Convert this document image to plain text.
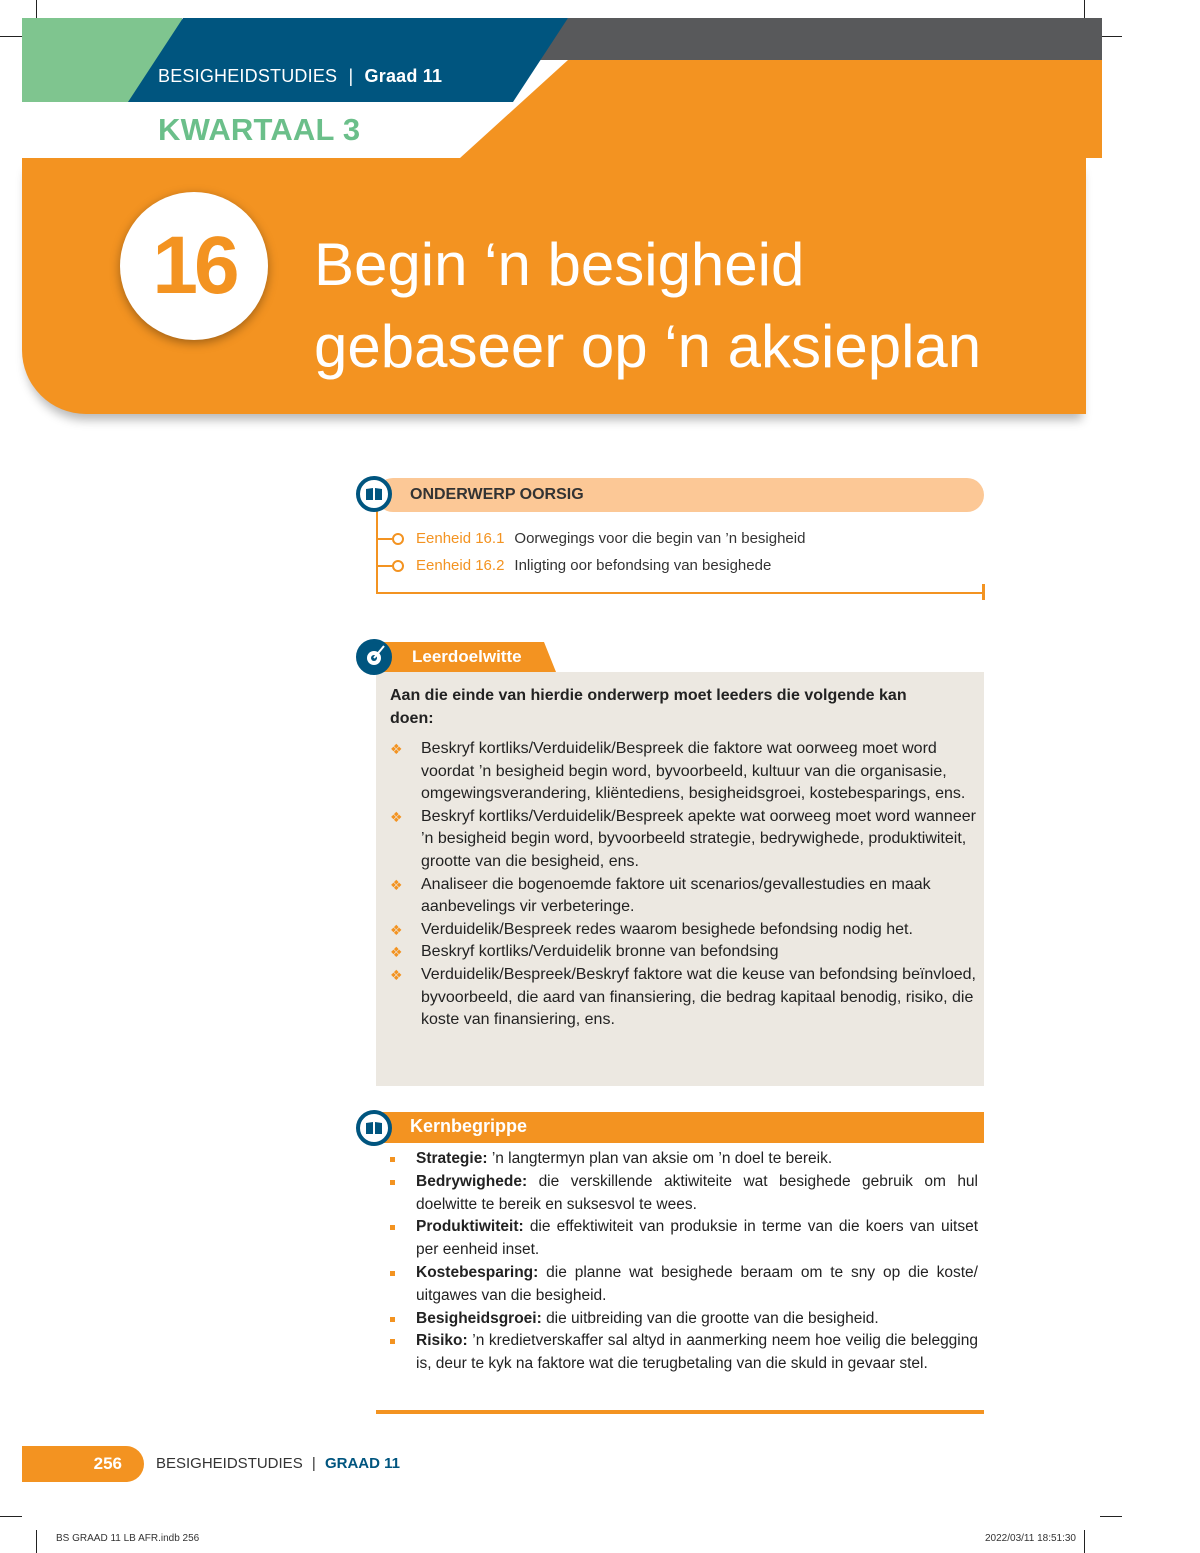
BESIGHEIDSTUDIES | Graad 11
KWARTAAL 3
16	Begin ‘n besigheid
gebaseer op ‘n aksieplan
ONDERWERP OORSIG
Eenheid 16.1 Oorwegings voor die begin van ’n besigheid
Eenheid 16.2 Inligting oor befondsing van besighede
Leerdoelwitte
Aan die einde van hierdie onderwerp moet leeders die volgende kan doen:
❖ Beskryf kortliks/Verduidelik/Bespreek die faktore wat oorweeg moet word voordat ’n besigheid begin word, byvoorbeeld, kultuur van die organisasie, omgewingsverandering, kliëntediens, besigheidsgroei, kostebesparings, ens.
❖ Beskryf kortliks/Verduidelik/Bespreek apekte wat oorweeg moet word wanneer ’n besigheid begin word, byvoorbeeld strategie, bedrywighede, produktiwiteit, grootte van die besigheid, ens.
❖ Analiseer die bogenoemde faktore uit scenarios/gevallestudies en maak aanbevelings vir verbeteringe.
❖ Verduidelik/Bespreek redes waarom besighede befondsing nodig het.
❖ Beskryf kortliks/Verduidelik bronne van befondsing
❖ Verduidelik/Bespreek/Beskryf faktore wat die keuse van befondsing beïnvloed, byvoorbeeld, die aard van finansiering, die bedrag kapitaal benodig, risiko, die koste van finansiering, ens.
Kernbegrippe
Strategie: ’n langtermyn plan van aksie om ’n doel te bereik.
Bedrywighede: die verskillende aktiwiteite wat besighede gebruik om hul doelwitte te bereik en suksesvol te wees.
Produktiwiteit: die effektiwiteit van produksie in terme van die koers van uitset per eenheid inset.
Kostebesparing: die planne wat besighede beraam om te sny op die koste/ uitgawes van die besigheid.
Besigheidsgroei: die uitbreiding van die grootte van die besigheid.
Risiko: ’n kredietverskaffer sal altyd in aanmerking neem hoe veilig die belegging is, deur te kyk na faktore wat die terugbetaling van die skuld in gevaar stel.
256	BESIGHEIDSTUDIES | GRAAD 11
BS GRAAD 11 LB AFR.indb 256	2022/03/11 18:51:30
